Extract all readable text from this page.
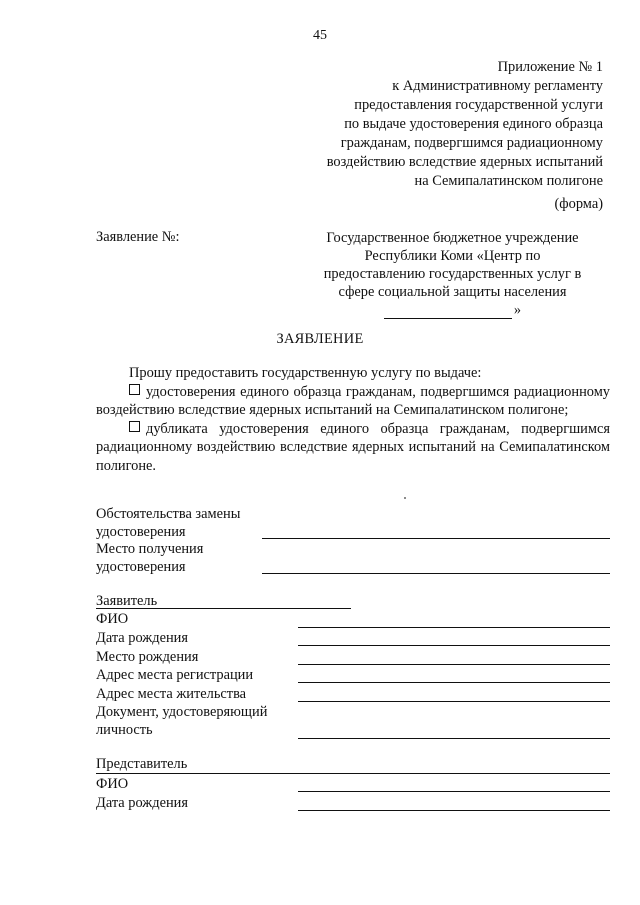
45
Приложение № 1
к Административному регламенту
предоставления государственной услуги
по выдаче удостоверения единого образца
гражданам, подвергшимся радиационному
воздействию вследствие ядерных испытаний
на Семипалатинском полигоне
(форма)
Заявление №:	Государственное бюджетное учреждение
Республики Коми «Центр по
предоставлению государственных услуг в
сфере социальной защиты населения
»
ЗАЯВЛЕНИЕ

Прошу предоставить государственную услугу по выдаче:

удостоверения единого образца гражданам, подвергшимся радиационному воздействию вследствие ядерных испытаний на Семипалатинском полигоне;

дубликата удостоверения единого образца гражданам, подвергшимся радиационному воздействию вследствие ядерных испытаний на Семипалатинском полигоне.

Обстоятельства замены
удостоверения
Место получения
удостоверения
Заявитель
ФИО
Дата рождения
Место рождения
Адрес места регистрации
Адрес места жительства
Документ, удостоверяющий
личность
Представитель
ФИО
Дата рождения
